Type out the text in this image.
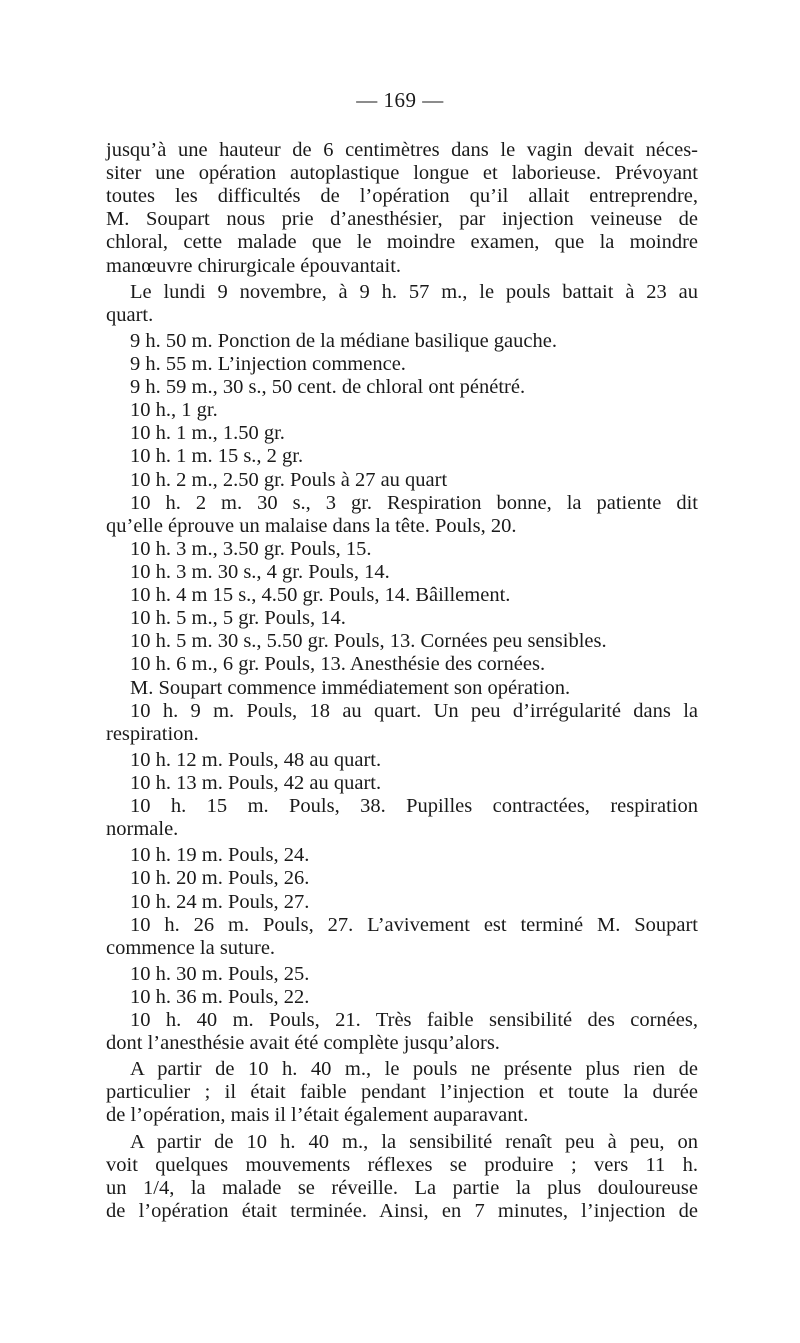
— 169 —
jusqu’à une hauteur de 6 centimètres dans le vagin devait néces-
siter une opération autoplastique longue et laborieuse. Prévoyant
toutes les difficultés de l’opération qu’il allait entreprendre,
M. Soupart nous prie d’anesthésier, par injection veineuse de
chloral, cette malade que le moindre examen, que la moindre
manœuvre chirurgicale épouvantait.
Le lundi 9 novembre, à 9 h. 57 m., le pouls battait à 23 au
quart.
9 h. 50 m. Ponction de la médiane basilique gauche.
9 h. 55 m. L’injection commence.
9 h. 59 m., 30 s., 50 cent. de chloral ont pénétré.
10 h., 1 gr.
10 h. 1 m., 1.50 gr.
10 h. 1 m. 15 s., 2 gr.
10 h. 2 m., 2.50 gr. Pouls à 27 au quart
10 h. 2 m. 30 s., 3 gr. Respiration bonne, la patiente dit
qu’elle éprouve un malaise dans la tête. Pouls, 20.
10 h. 3 m., 3.50 gr. Pouls, 15.
10 h. 3 m. 30 s., 4 gr. Pouls, 14.
10 h. 4 m 15 s., 4.50 gr. Pouls, 14. Bâillement.
10 h. 5 m., 5 gr. Pouls, 14.
10 h. 5 m. 30 s., 5.50 gr. Pouls, 13. Cornées peu sensibles.
10 h. 6 m., 6 gr. Pouls, 13. Anesthésie des cornées.
M. Soupart commence immédiatement son opération.
10 h. 9 m. Pouls, 18 au quart. Un peu d’irrégularité dans la
respiration.
10 h. 12 m. Pouls, 48 au quart.
10 h. 13 m. Pouls, 42 au quart.
10 h. 15 m. Pouls, 38. Pupilles contractées, respiration
normale.
10 h. 19 m. Pouls, 24.
10 h. 20 m. Pouls, 26.
10 h. 24 m. Pouls, 27.
10 h. 26 m. Pouls, 27. L’avivement est terminé M. Soupart
commence la suture.
10 h. 30 m. Pouls, 25.
10 h. 36 m. Pouls, 22.
10 h. 40 m. Pouls, 21. Très faible sensibilité des cornées,
dont l’anesthésie avait été complète jusqu’alors.
A partir de 10 h. 40 m., le pouls ne présente plus rien de
particulier ; il était faible pendant l’injection et toute la durée
de l’opération, mais il l’était également auparavant.
A partir de 10 h. 40 m., la sensibilité renaît peu à peu, on
voit quelques mouvements réflexes se produire ; vers 11 h.
un 1/4, la malade se réveille. La partie la plus douloureuse
de l’opération était terminée. Ainsi, en 7 minutes, l’injection de
